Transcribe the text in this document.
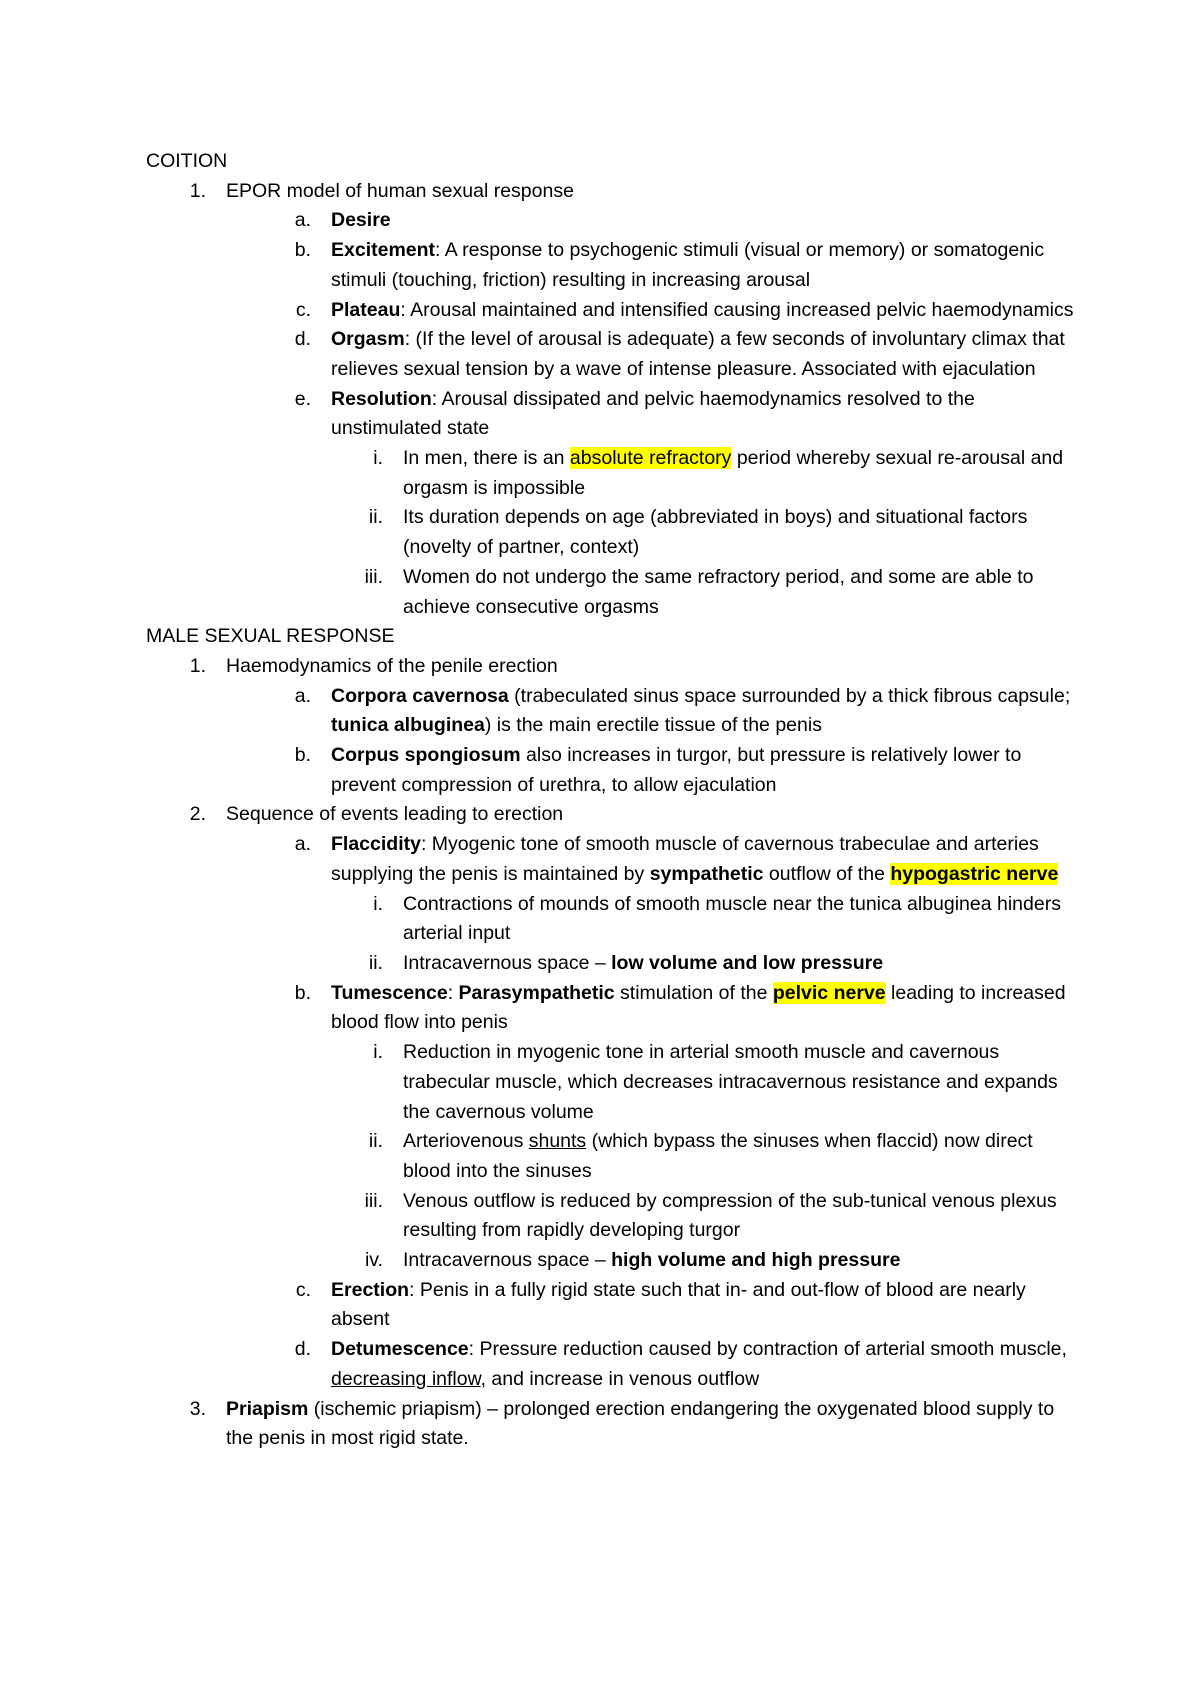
COITION
1. EPOR model of human sexual response
a. Desire
b. Excitement: A response to psychogenic stimuli (visual or memory) or somatogenic stimuli (touching, friction) resulting in increasing arousal
c. Plateau: Arousal maintained and intensified causing increased pelvic haemodynamics
d. Orgasm: (If the level of arousal is adequate) a few seconds of involuntary climax that relieves sexual tension by a wave of intense pleasure. Associated with ejaculation
e. Resolution: Arousal dissipated and pelvic haemodynamics resolved to the unstimulated state
i. In men, there is an absolute refractory period whereby sexual re-arousal and orgasm is impossible
ii. Its duration depends on age (abbreviated in boys) and situational factors (novelty of partner, context)
iii. Women do not undergo the same refractory period, and some are able to achieve consecutive orgasms
MALE SEXUAL RESPONSE
1. Haemodynamics of the penile erection
a. Corpora cavernosa (trabeculated sinus space surrounded by a thick fibrous capsule; tunica albuginea) is the main erectile tissue of the penis
b. Corpus spongiosum also increases in turgor, but pressure is relatively lower to prevent compression of urethra, to allow ejaculation
2. Sequence of events leading to erection
a. Flaccidity: Myogenic tone of smooth muscle of cavernous trabeculae and arteries supplying the penis is maintained by sympathetic outflow of the hypogastric nerve
i. Contractions of mounds of smooth muscle near the tunica albuginea hinders arterial input
ii. Intracavernous space – low volume and low pressure
b. Tumescence: Parasympathetic stimulation of the pelvic nerve leading to increased blood flow into penis
i. Reduction in myogenic tone in arterial smooth muscle and cavernous trabecular muscle, which decreases intracavernous resistance and expands the cavernous volume
ii. Arteriovenous shunts (which bypass the sinuses when flaccid) now direct blood into the sinuses
iii. Venous outflow is reduced by compression of the sub-tunical venous plexus resulting from rapidly developing turgor
iv. Intracavernous space – high volume and high pressure
c. Erection: Penis in a fully rigid state such that in- and out-flow of blood are nearly absent
d. Detumescence: Pressure reduction caused by contraction of arterial smooth muscle, decreasing inflow, and increase in venous outflow
3. Priapism (ischemic priapism) – prolonged erection endangering the oxygenated blood supply to the penis in most rigid state.
